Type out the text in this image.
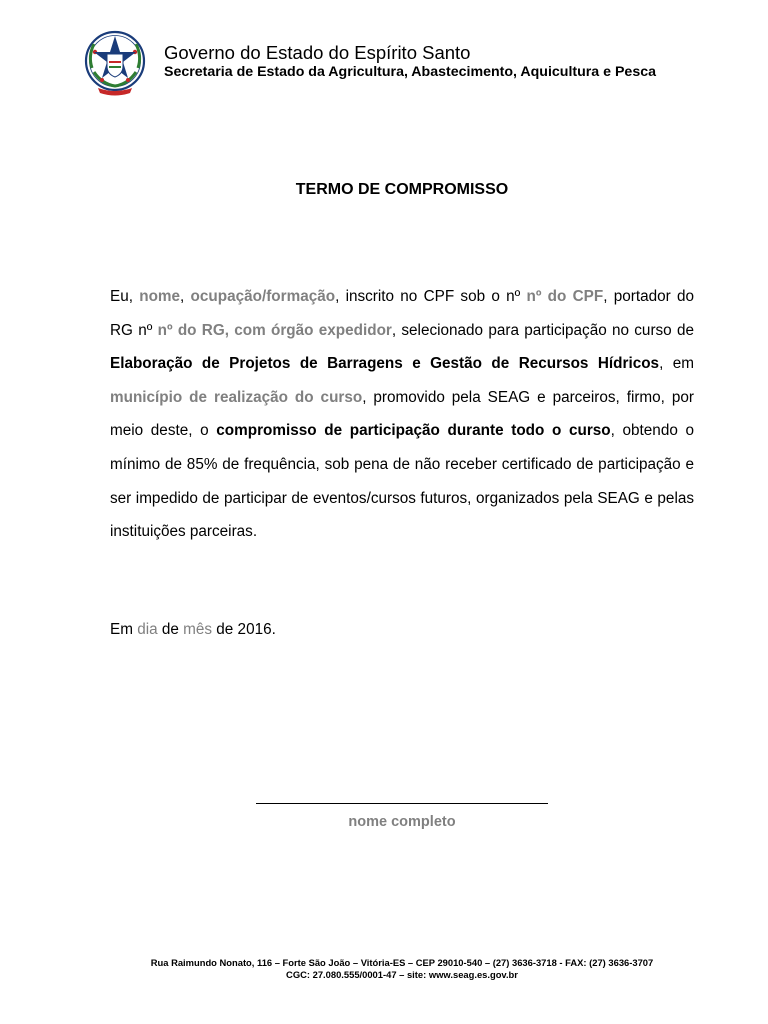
Governo do Estado do Espírito Santo
Secretaria de Estado da Agricultura, Abastecimento, Aquicultura e Pesca
TERMO DE COMPROMISSO

Eu, nome, ocupação/formação, inscrito no CPF sob o nº nº do CPF, portador do RG nº nº do RG, com órgão expedidor, selecionado para participação no curso de Elaboração de Projetos de Barragens e Gestão de Recursos Hídricos, em município de realização do curso, promovido pela SEAG e parceiros, firmo, por meio deste, o compromisso de participação durante todo o curso, obtendo o mínimo de 85% de frequência, sob pena de não receber certificado de participação e ser impedido de participar de eventos/cursos futuros, organizados pela SEAG e pelas instituições parceiras.

Em dia de mês de 2016.

nome completo
Rua Raimundo Nonato, 116 – Forte São João – Vitória-ES – CEP 29010-540 – (27) 3636-3718 - FAX: (27) 3636-3707
CGC: 27.080.555/0001-47 – site: www.seag.es.gov.br
